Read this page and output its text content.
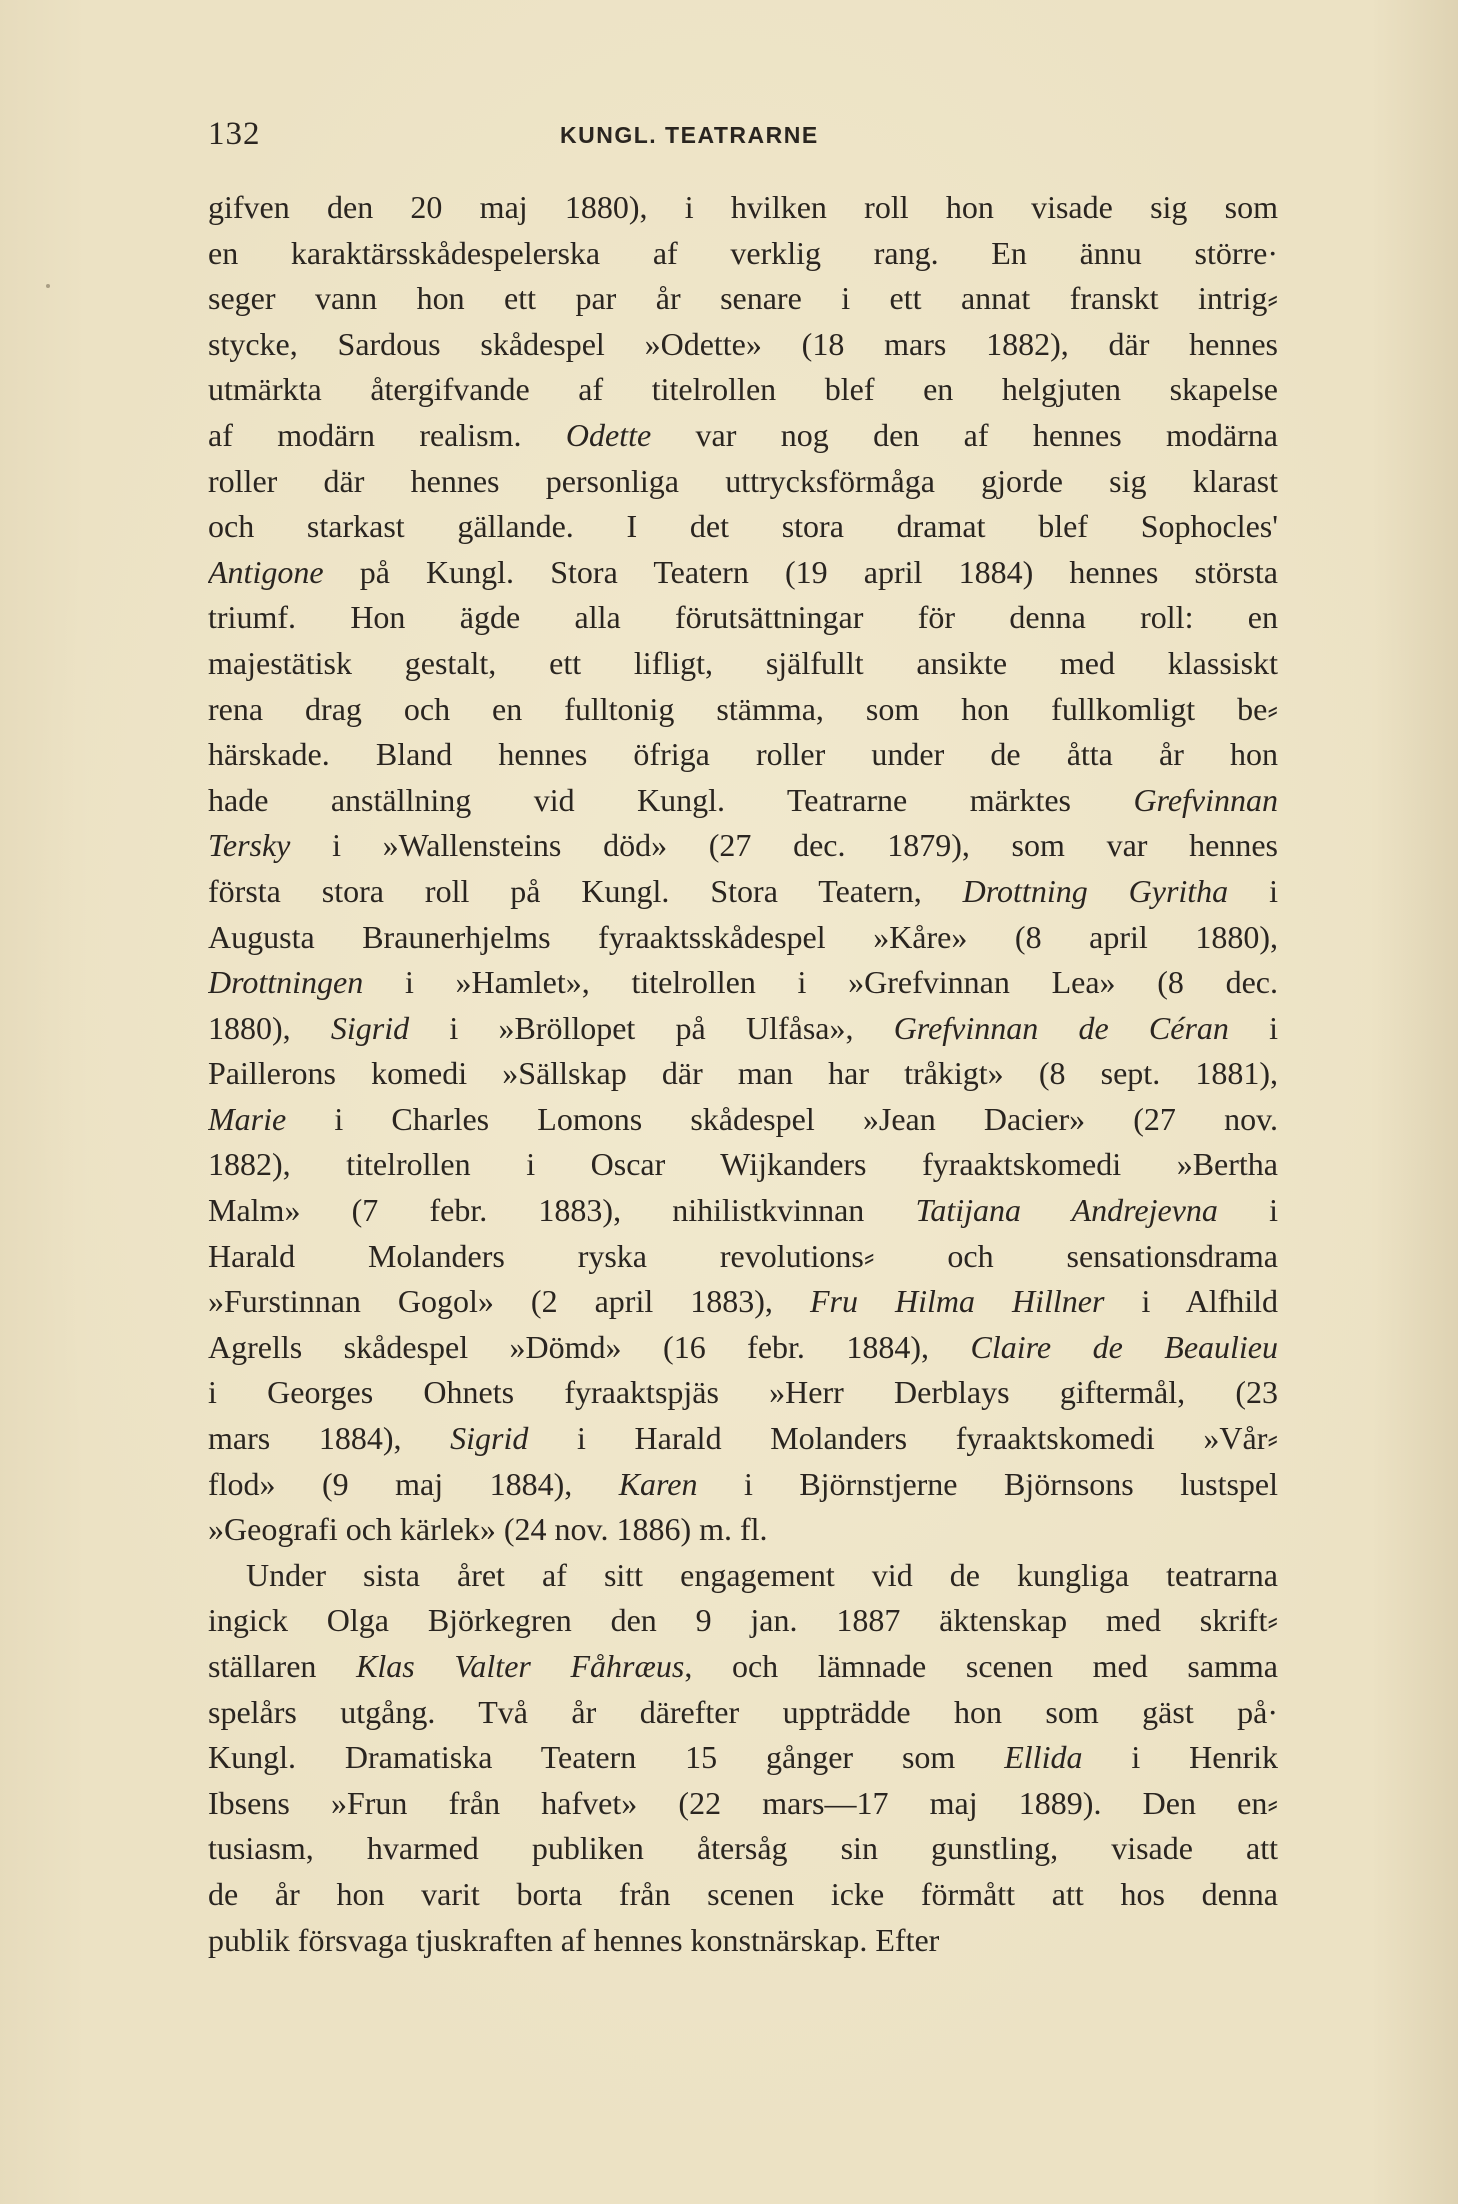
132	KUNGL. TEATRARNE
gifven den 20 maj 1880), i hvilken roll hon visade sig som
en karaktärsskådespelerska af verklig rang. En ännu större·
seger vann hon ett par år senare i ett annat franskt intrig⸗
stycke, Sardous skådespel »Odette» (18 mars 1882), där hennes
utmärkta återgifvande af titelrollen blef en helgjuten skapelse
af modärn realism. Odette var nog den af hennes modärna
roller där hennes personliga uttrycksförmåga gjorde sig klarast
och starkast gällande. I det stora dramat blef Sophocles'
Antigone på Kungl. Stora Teatern (19 april 1884) hennes största
triumf. Hon ägde alla förutsättningar för denna roll: en
majestätisk gestalt, ett lifligt, själfullt ansikte med klassiskt
rena drag och en fulltonig stämma, som hon fullkomligt be⸗
härskade. Bland hennes öfriga roller under de åtta år hon
hade anställning vid Kungl. Teatrarne märktes Grefvinnan
Tersky i »Wallensteins död» (27 dec. 1879), som var hennes
första stora roll på Kungl. Stora Teatern, Drottning Gyritha i
Augusta Braunerhjelms fyraaktsskådespel »Kåre» (8 april 1880),
Drottningen i »Hamlet», titelrollen i »Grefvinnan Lea» (8 dec.
1880), Sigrid i »Bröllopet på Ulfåsa», Grefvinnan de Céran i
Paillerons komedi »Sällskap där man har tråkigt» (8 sept. 1881),
Marie i Charles Lomons skådespel »Jean Dacier» (27 nov.
1882), titelrollen i Oscar Wijkanders fyraaktskomedi »Bertha
Malm» (7 febr. 1883), nihilistkvinnan Tatijana Andrejevna i
Harald Molanders ryska revolutions⸗ och sensationsdrama
»Furstinnan Gogol» (2 april 1883), Fru Hilma Hillner i Alfhild
Agrells skådespel »Dömd» (16 febr. 1884), Claire de Beaulieu
i Georges Ohnets fyraaktspjäs »Herr Derblays giftermål, (23
mars 1884), Sigrid i Harald Molanders fyraaktskomedi »Vår⸗
flod» (9 maj 1884), Karen i Björnstjerne Björnsons lustspel
»Geografi och kärlek» (24 nov. 1886) m. fl.
Under sista året af sitt engagement vid de kungliga teatrarna
ingick Olga Björkegren den 9 jan. 1887 äktenskap med skrift⸗
ställaren Klas Valter Fåhræus, och lämnade scenen med samma
spelårs utgång. Två år därefter uppträdde hon som gäst på·
Kungl. Dramatiska Teatern 15 gånger som Ellida i Henrik
Ibsens »Frun från hafvet» (22 mars—17 maj 1889). Den en⸗
tusiasm, hvarmed publiken återsåg sin gunstling, visade att
de år hon varit borta från scenen icke förmått att hos denna
publik försvaga tjuskraften af hennes konstnärskap. Efter
